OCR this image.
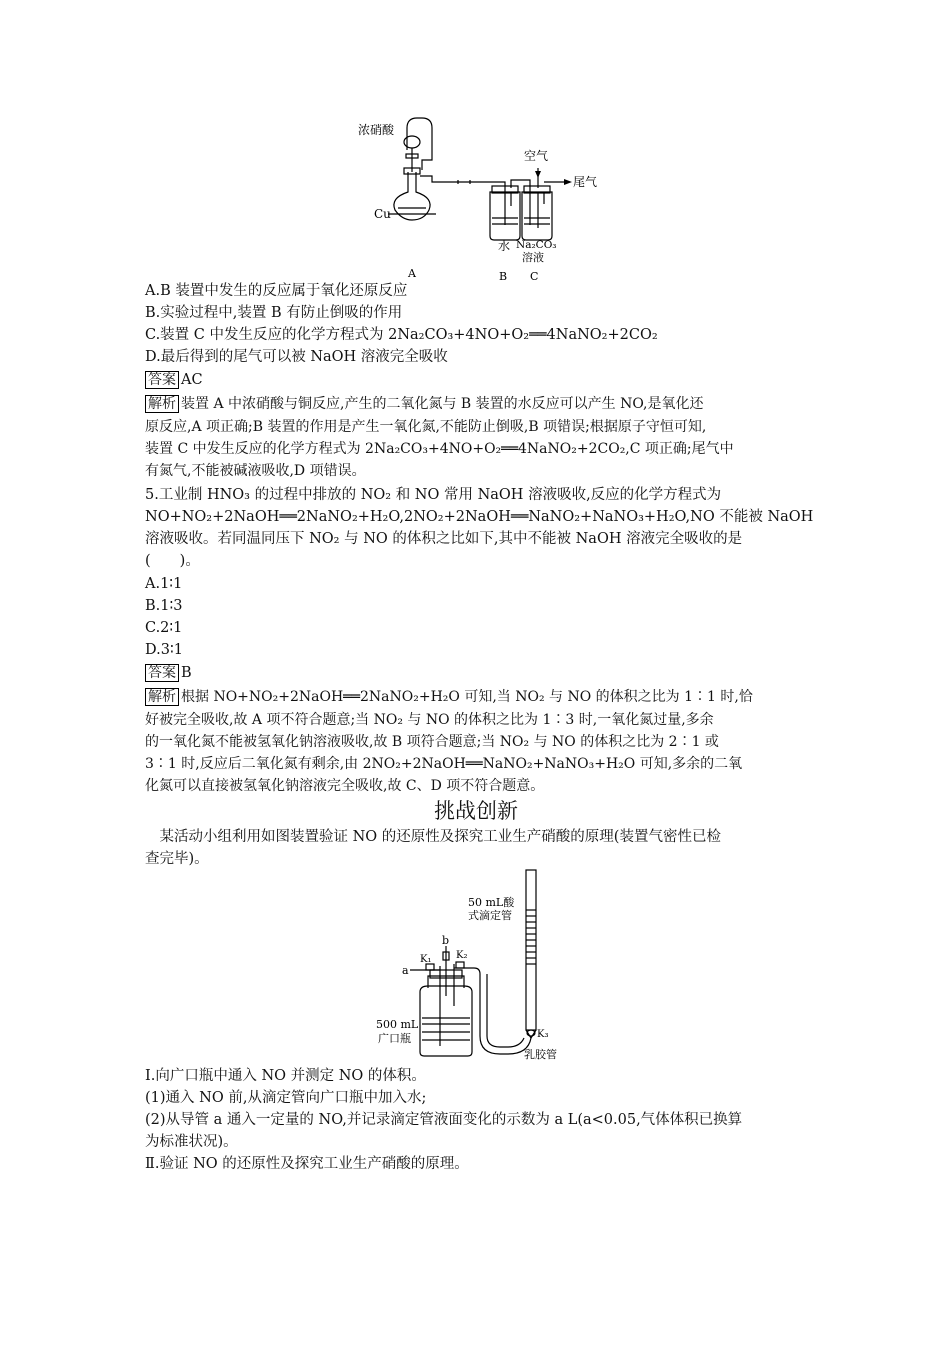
浓硝酸
空气
尾气
Cu
水 Na₂CO₃
溶液
A	B C
A.B 装置中发生的反应属于氧化还原反应
B.实验过程中,装置 B 有防止倒吸的作用
C.装置 C 中发生反应的化学方程式为 2Na₂CO₃+4NO+O₂══4NaNO₂+2CO₂
D.最后得到的尾气可以被 NaOH 溶液完全吸收
答案 AC
解析 装置 A 中浓硝酸与铜反应,产生的二氧化氮与 B 装置的水反应可以产生 NO,是氧化还
原反应,A 项正确;B 装置的作用是产生一氧化氮,不能防止倒吸,B 项错误;根据原子守恒可知,
装置 C 中发生反应的化学方程式为 2Na₂CO₃+4NO+O₂══4NaNO₂+2CO₂,C 项正确;尾气中
有氮气,不能被碱液吸收,D 项错误。
5.工业制 HNO₃ 的过程中排放的 NO₂ 和 NO 常用 NaOH 溶液吸收,反应的化学方程式为
NO+NO₂+2NaOH══2NaNO₂+H₂O,2NO₂+2NaOH══NaNO₂+NaNO₃+H₂O,NO 不能被 NaOH
溶液吸收。若同温同压下 NO₂ 与 NO 的体积之比如下,其中不能被 NaOH 溶液完全吸收的是
(　　)。
A.1∶1
B.1∶3
C.2∶1
D.3∶1
答案 B
解析 根据 NO+NO₂+2NaOH══2NaNO₂+H₂O 可知,当 NO₂ 与 NO 的体积之比为 1∶1 时,恰
好被完全吸收,故 A 项不符合题意;当 NO₂ 与 NO 的体积之比为 1∶3 时,一氧化氮过量,多余
的一氧化氮不能被氢氧化钠溶液吸收,故 B 项符合题意;当 NO₂ 与 NO 的体积之比为 2∶1 或
3∶1 时,反应后二氧化氮有剩余,由 2NO₂+2NaOH══NaNO₂+NaNO₃+H₂O 可知,多余的二氧
化氮可以直接被氢氧化钠溶液完全吸收,故 C、D 项不符合题意。
挑战创新
　某活动小组利用如图装置验证 NO 的还原性及探究工业生产硝酸的原理(装置气密性已检
查完毕)。
50 mL酸
式滴定管
b
K₁ K₂
a
500 mL
广口瓶	K₃
乳胶管
Ⅰ.向广口瓶中通入 NO 并测定 NO 的体积。
(1)通入 NO 前,从滴定管向广口瓶中加入水;
(2)从导管 a 通入一定量的 NO,并记录滴定管液面变化的示数为 a L(a<0.05,气体体积已换算
为标准状况)。
Ⅱ.验证 NO 的还原性及探究工业生产硝酸的原理。
